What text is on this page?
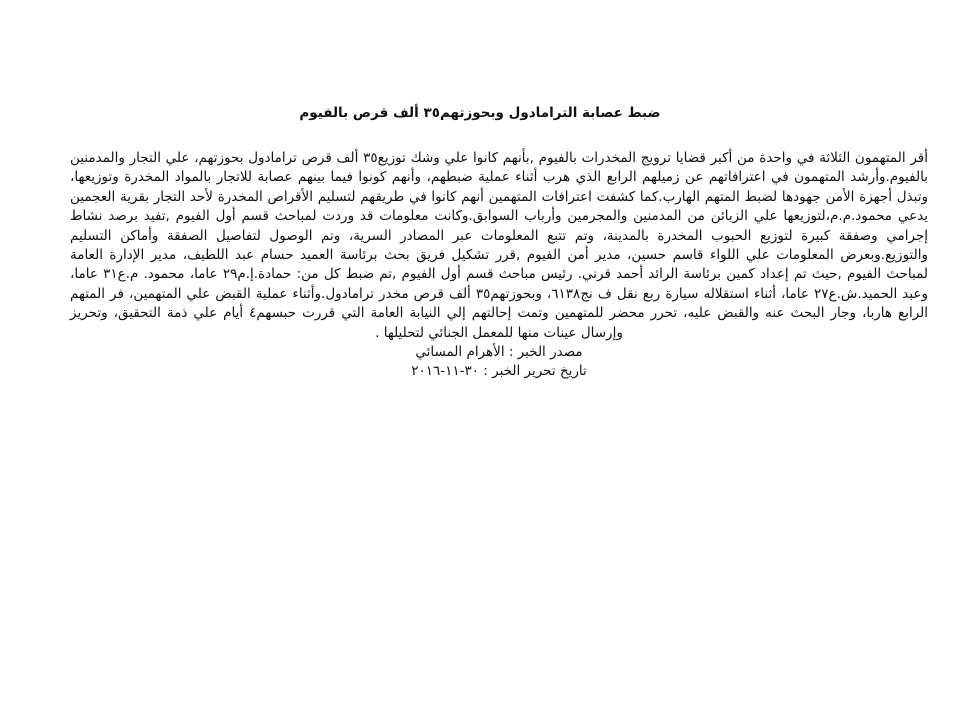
ضبط عصابة الترامادول وبحوزتهم٣٥ ألف قرص بالفيوم

أقر المتهمون الثلاثة في واحدة من أكبر قضايا ترويج المخدرات بالفيوم ,بأنهم كانوا علي وشك توزيع٣٥ ألف قرص ترامادول بحوزتهم، علي التجار والمدمنين بالفيوم.وأرشد المتهمون في اعترافاتهم عن زميلهم الرابع الذي هرب أثناء عملية ضبطهم، وأنهم كونوا فيما بينهم عصابة للاتجار بالمواد المخدرة وتوزيعها، وتبذل أجهزة الأمن جهودها لضبط المتهم الهارب.كما كشفت اعترافات المتهمين أنهم كانوا في طريقهم لتسليم الأقراص المخدرة لأحد التجار بقرية العجمين يدعي محمود.م.م،لتوزيعها علي الزبائن من المدمنين والمجرمين وأرباب السوابق.وكانت معلومات قد وردت لمباحث قسم أول الفيوم ,تفيد برصد نشاط إجرامي وصفقة كبيرة لتوزيع الحبوب المخدرة بالمدينة، وتم تتبع المعلومات عبر المصادر السرية، وتم الوصول لتفاصيل الصفقة وأماكن التسليم والتوزيع.وبعرض المعلومات علي اللواء قاسم حسين، مدير أمن الفيوم ,قرر تشكيل فريق بحث برئاسة العميد حسام عبد اللطيف، مدير الإدارة العامة لمباحث الفيوم ,حيث تم إعداد كمين برئاسة الرائد أحمد قرني. رئيس مباحث قسم أول الفيوم ,تم ضبط كل من: حمادة.إ.م٢٩ عاما، محمود. م.ع٣١ عاما، وعبد الحميد.ش.ع٢٧ عاما، أثناء استقلاله سيارة ربع نقل ف نج٦١٣٨، وبحوزتهم٣٥ ألف قرص مخدر ترامادول.وأثناء عملية القبض علي المتهمين، فر المتهم الرابع هاربا، وجار البحث عنه والقبض عليه، تحرر محضر للمتهمين وتمت إحالتهم إلي النيابة العامة التي قررت حبسهم٤ أيام علي ذمة التحقيق، وتحريز وإرسال عينات منها للمعمل الجنائي لتحليلها .

مصدر الخبر : الأهرام المسائي

تاريخ تحرير الخبر : ٣٠-١١-٢٠١٦
